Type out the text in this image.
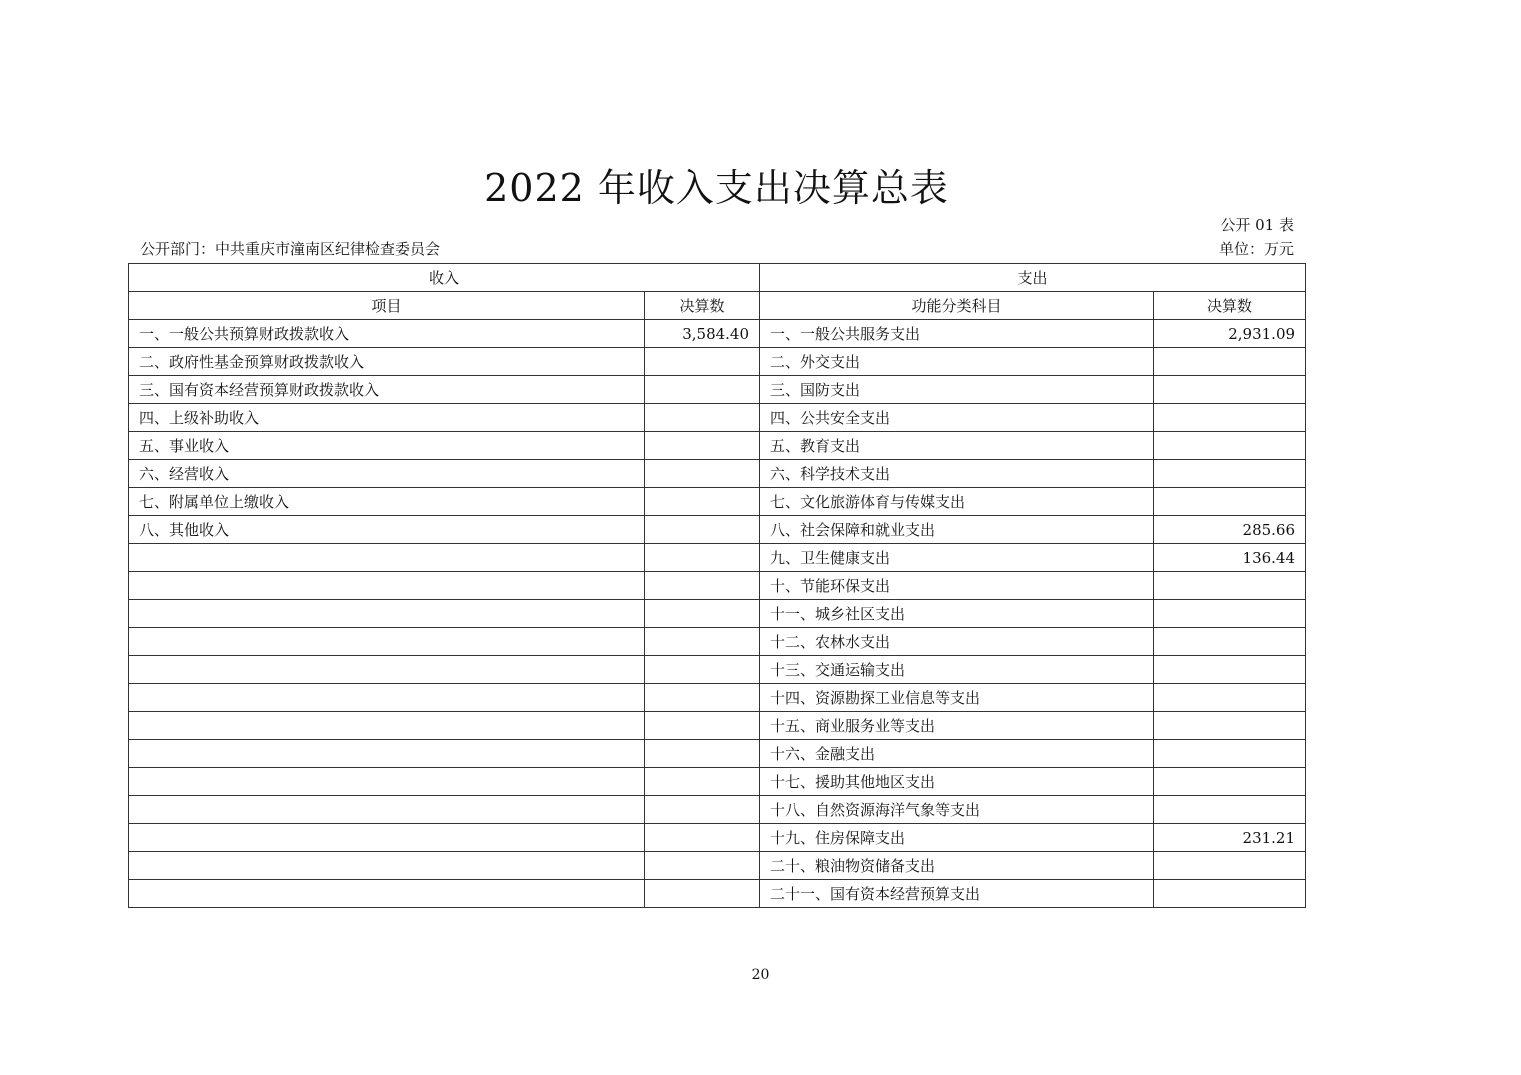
2022 年收入支出决算总表
公开 01 表
公开部门：中共重庆市潼南区纪律检查委员会	单位：万元
收入		支出	
项目	决算数	功能分类科目	决算数
一、一般公共预算财政拨款收入	3,584.40	一、一般公共服务支出	2,931.09
二、政府性基金预算财政拨款收入		二、外交支出	
三、国有资本经营预算财政拨款收入		三、国防支出	
四、上级补助收入		四、公共安全支出	
五、事业收入		五、教育支出	
六、经营收入		六、科学技术支出	
七、附属单位上缴收入		七、文化旅游体育与传媒支出	
八、其他收入		八、社会保障和就业支出	285.66
		九、卫生健康支出	136.44
		十、节能环保支出	
		十一、城乡社区支出	
		十二、农林水支出	
		十三、交通运输支出	
		十四、资源勘探工业信息等支出	
		十五、商业服务业等支出	
		十六、金融支出	
		十七、援助其他地区支出	
		十八、自然资源海洋气象等支出	
		十九、住房保障支出	231.21
		二十、粮油物资储备支出	
		二十一、国有资本经营预算支出	
20
